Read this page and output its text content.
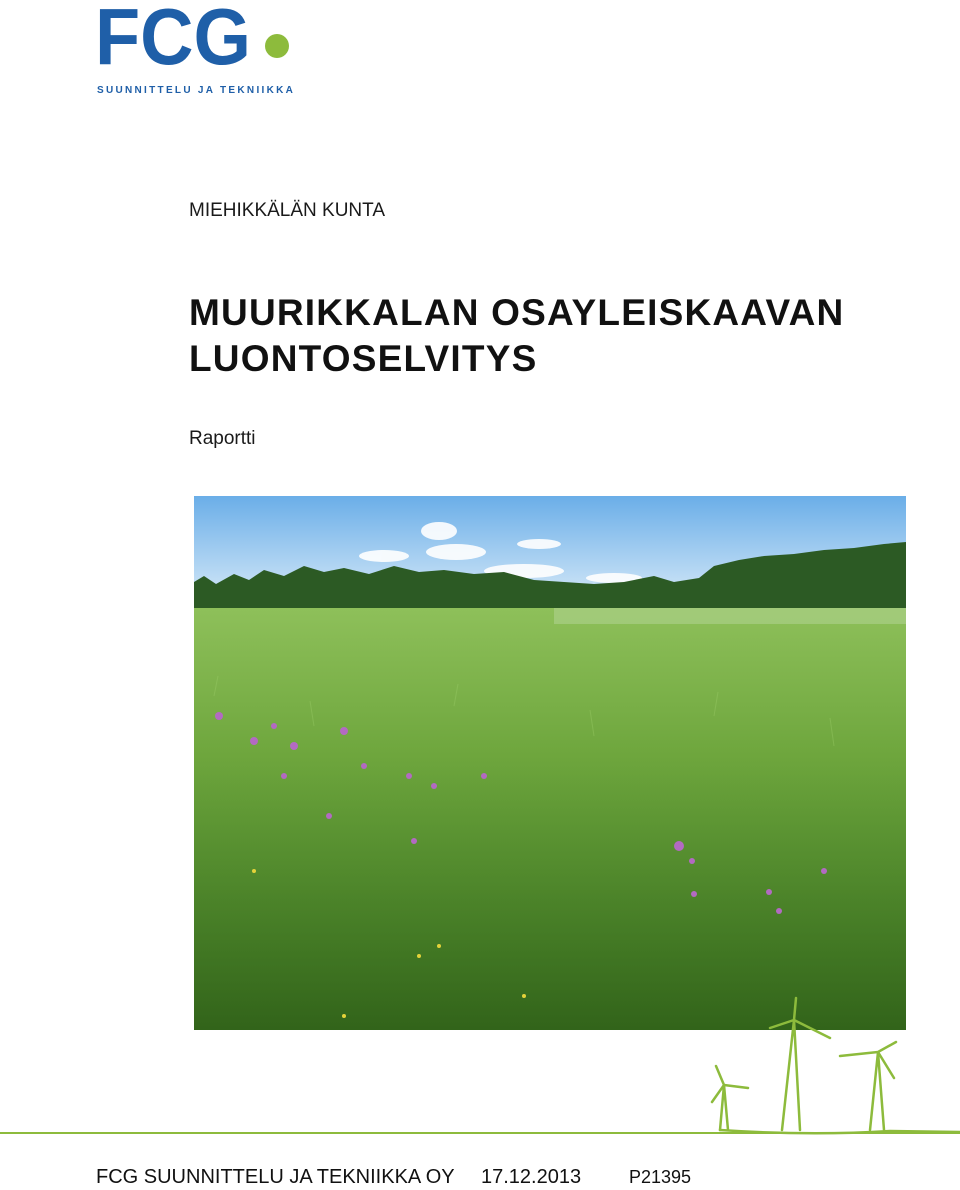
FCG
SUUNNITTELU JA TEKNIIKKA
MIEHIKKÄLÄN KUNTA
MUURIKKALAN OSAYLEISKAAVAN
LUONTOSELVITYS
Raportti
FCG SUUNNITTELU JA TEKNIIKKA OY 17.12.2013	P21395
